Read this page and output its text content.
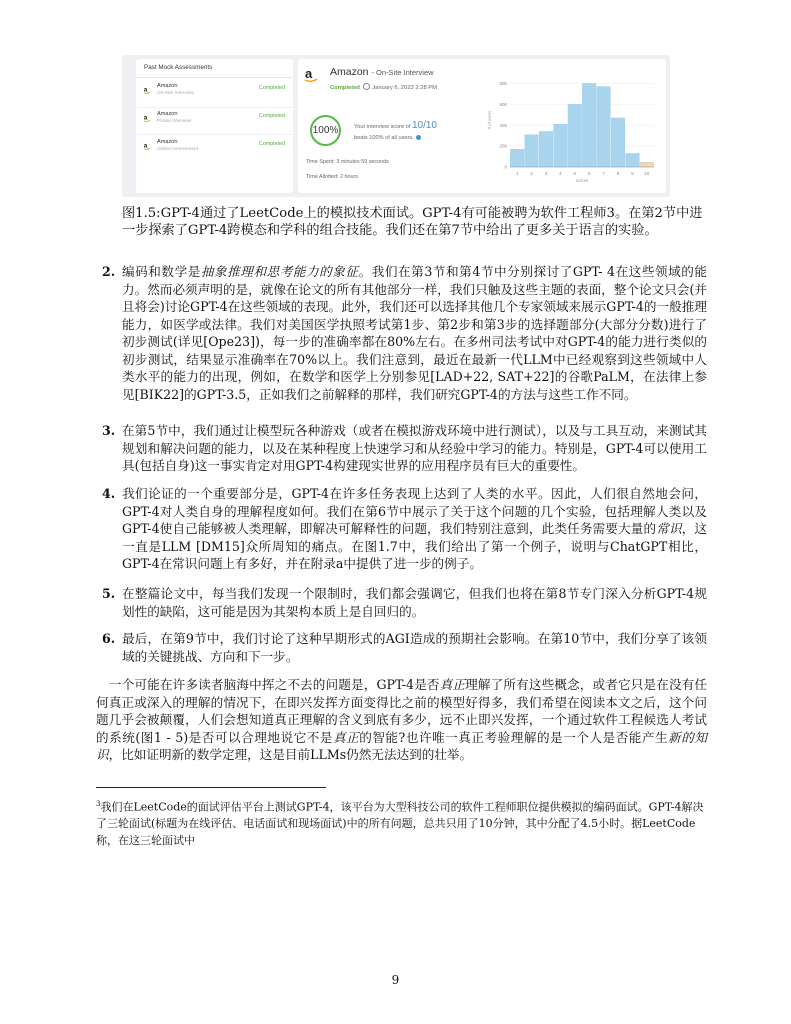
Past Mock Assessments
a
Amazon
On-Site Interview
Completed
a
Amazon
Phone Interview
Completed
a
Amazon
Online Assessment
Completed
a Amazon - On-Site Interview
Completed January 6, 2023 2:28 PM
100%	Your interview score of 10/10
beats 100% of all users.
Time Spent: 3 minutes 59 seconds
Time Allotted: 2 hours
0
200
400
600
800
1	2	3	4	5	6	7	8	9 10
scores
# of users

图1.5:GPT-4通过了LeetCode上的模拟技术面试。GPT-4有可能被聘为软件工程师3。在第2节中进一步探索了GPT-4跨模态和学科的组合技能。我们还在第7节中给出了更多关于语言的实验。

2. 编码和数学是抽象推理和思考能力的象征。我们在第3节和第4节中分别探讨了GPT- 4在这些领域的能力。然而必须声明的是，就像在论文的所有其他部分一样，我们只触及这些主题的表面，整个论文只会(并且将会)讨论GPT-4在这些领域的表现。此外，我们还可以选择其他几个专家领域来展示GPT-4的一般推理能力，如医学或法律。我们对美国医学执照考试第1步、第2步和第3步的选择题部分(大部分分数)进行了初步测试(详见[Ope23])，每一步的准确率都在80%左右。在多州司法考试中对GPT-4的能力进行类似的初步测试，结果显示准确率在70%以上。我们注意到，最近在最新一代LLM中已经观察到这些领域中人类水平的能力的出现，例如，在数学和医学上分别参见[LAD+22, SAT+22]的谷歌PaLM，在法律上参见[BIK22]的GPT-3.5，正如我们之前解释的那样，我们研究GPT-4的方法与这些工作不同。

3. 在第5节中，我们通过让模型玩各种游戏（或者在模拟游戏环境中进行测试），以及与工具互动，来测试其规划和解决问题的能力，以及在某种程度上快速学习和从经验中学习的能力。特别是，GPT-4可以使用工具(包括自身)这一事实肯定对用GPT-4构建现实世界的应用程序员有巨大的重要性。

4. 我们论证的一个重要部分是，GPT-4在许多任务表现上达到了人类的水平。因此，人们很自然地会问，GPT-4对人类自身的理解程度如何。我们在第6节中展示了关于这个问题的几个实验，包括理解人类以及GPT-4使自己能够被人类理解，即解决可解释性的问题，我们特别注意到，此类任务需要大量的常识，这一直是LLM [DM15]众所周知的痛点。在图1.7中，我们给出了第一个例子，说明与ChatGPT相比，GPT-4在常识问题上有多好，并在附录a中提供了进一步的例子。

5. 在整篇论文中，每当我们发现一个限制时，我们都会强调它，但我们也将在第8节专门深入分析GPT-4规划性的缺陷，这可能是因为其架构本质上是自回归的。

6. 最后，在第9节中，我们讨论了这种早期形式的AGI造成的预期社会影响。在第10节中，我们分享了该领域的关键挑战、方向和下一步。

一个可能在许多读者脑海中挥之不去的问题是，GPT-4是否真正理解了所有这些概念，或者它只是在没有任何真正或深入的理解的情况下，在即兴发挥方面变得比之前的模型好得多，我们希望在阅读本文之后，这个问题几乎会被颠覆，人们会想知道真正理解的含义到底有多少，远不止即兴发挥，一个通过软件工程候选人考试的系统(图1 - 5)是否可以合理地说它不是真正的智能?也许唯一真正考验理解的是一个人是否能产生新的知识，比如证明新的数学定理，这是目前LLMs仍然无法达到的壮举。

$^3$我们在LeetCode的面试评估平台上测试GPT-4，该平台为大型科技公司的软件工程师职位提供模拟的编码面试。GPT-4解决了三轮面试(标题为在线评估、电话面试和现场面试)中的所有问题，总共只用了10分钟，其中分配了4.5小时。据LeetCode称，在这三轮面试中

9
